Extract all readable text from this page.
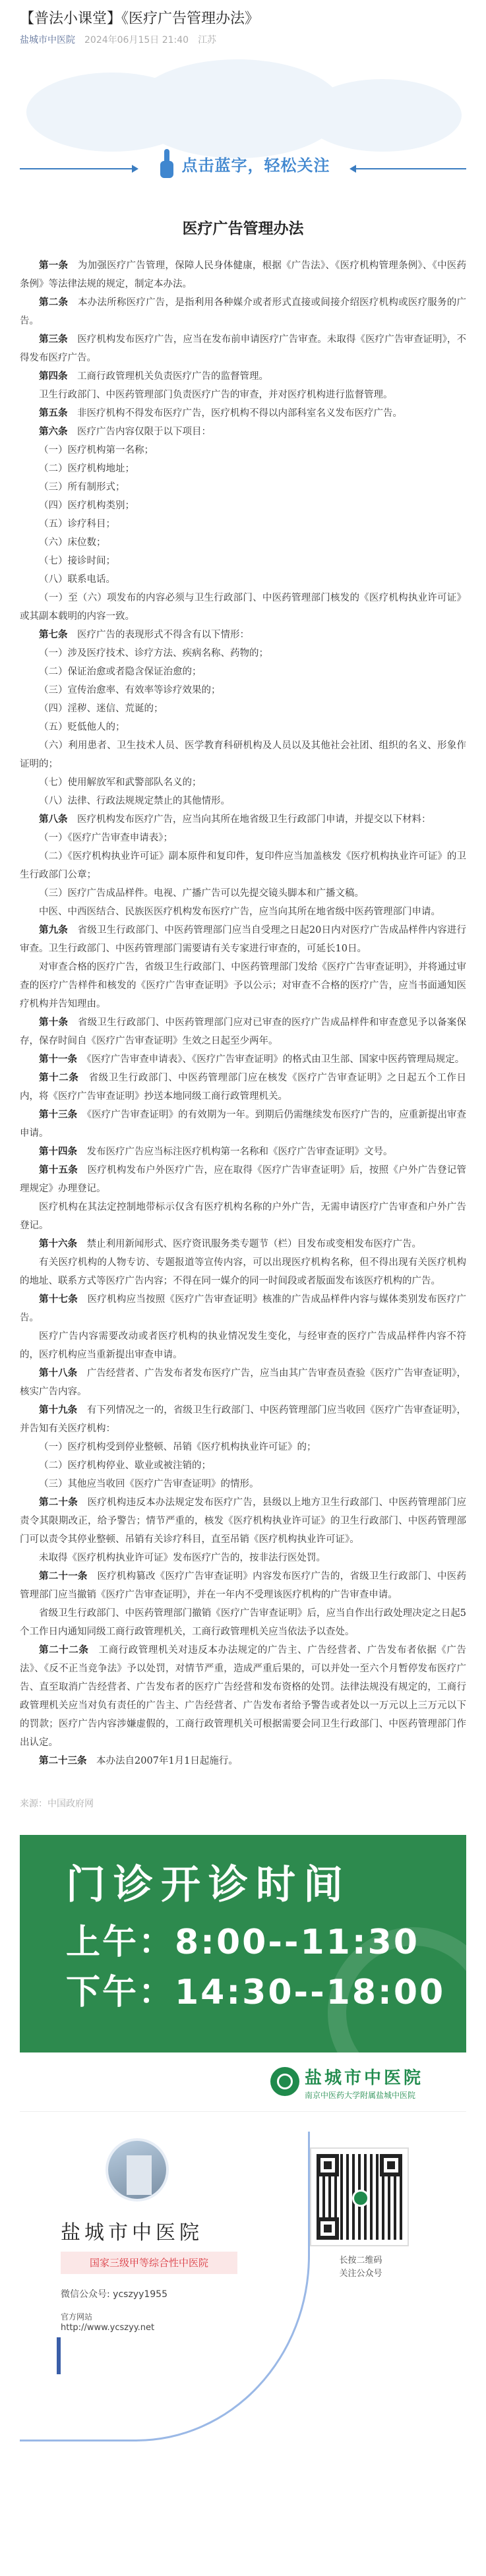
【普法小课堂】《医疗广告管理办法》
盐城市中医院 2024年06月15日 21:40 江苏
点击蓝字，轻松关注
医疗广告管理办法

第一条　 为加强医疗广告管理，保障人民身体健康，根据《广告法》、《医疗机构管理条例》、《中医药条例》等法律法规的规定，制定本办法。

第二条　 本办法所称医疗广告，是指利用各种媒介或者形式直接或间接介绍医疗机构或医疗服务的广告。

第三条　 医疗机构发布医疗广告，应当在发布前申请医疗广告审查。未取得《医疗广告审查证明》，不得发布医疗广告。

第四条　 工商行政管理机关负责医疗广告的监督管理。

卫生行政部门、中医药管理部门负责医疗广告的审查，并对医疗机构进行监督管理。

第五条　 非医疗机构不得发布医疗广告，医疗机构不得以内部科室名义发布医疗广告。

第六条　 医疗广告内容仅限于以下项目：

（一）医疗机构第一名称；

（二）医疗机构地址；

（三）所有制形式；

（四）医疗机构类别；

（五）诊疗科目；

（六）床位数；

（七）接诊时间；

（八）联系电话。

（一）至（六）项发布的内容必须与卫生行政部门、中医药管理部门核发的《医疗机构执业许可证》或其副本载明的内容一致。

第七条　 医疗广告的表现形式不得含有以下情形：

（一）涉及医疗技术、诊疗方法、疾病名称、药物的；

（二）保证治愈或者隐含保证治愈的；

（三）宣传治愈率、有效率等诊疗效果的；

（四）淫秽、迷信、荒诞的；

（五）贬低他人的；

（六）利用患者、卫生技术人员、医学教育科研机构及人员以及其他社会社团、组织的名义、形象作证明的；

（七）使用解放军和武警部队名义的；

（八）法律、行政法规规定禁止的其他情形。

第八条　 医疗机构发布医疗广告，应当向其所在地省级卫生行政部门申请，并提交以下材料：

（一）《医疗广告审查申请表》；

（二）《医疗机构执业许可证》副本原件和复印件，复印件应当加盖核发《医疗机构执业许可证》的卫生行政部门公章；

（三）医疗广告成品样件。电视、广播广告可以先提交镜头脚本和广播文稿。

中医、中西医结合、民族医医疗机构发布医疗广告，应当向其所在地省级中医药管理部门申请。

第九条　 省级卫生行政部门、中医药管理部门应当自受理之日起20日内对医疗广告成品样件内容进行审查。卫生行政部门、中医药管理部门需要请有关专家进行审查的，可延长10日。

对审查合格的医疗广告，省级卫生行政部门、中医药管理部门发给《医疗广告审查证明》，并将通过审查的医疗广告样件和核发的《医疗广告审查证明》予以公示；对审查不合格的医疗广告，应当书面通知医疗机构并告知理由。

第十条　 省级卫生行政部门、中医药管理部门应对已审查的医疗广告成品样件和审查意见予以备案保存，保存时间自《医疗广告审查证明》生效之日起至少两年。

第十一条　 《医疗广告审查申请表》、《医疗广告审查证明》的格式由卫生部、国家中医药管理局规定。

第十二条　 省级卫生行政部门、中医药管理部门应在核发《医疗广告审查证明》之日起五个工作日内，将《医疗广告审查证明》抄送本地同级工商行政管理机关。

第十三条　 《医疗广告审查证明》的有效期为一年。到期后仍需继续发布医疗广告的，应重新提出审查申请。

第十四条　 发布医疗广告应当标注医疗机构第一名称和《医疗广告审查证明》文号。

第十五条　 医疗机构发布户外医疗广告，应在取得《医疗广告审查证明》后，按照《户外广告登记管理规定》办理登记。

医疗机构在其法定控制地带标示仅含有医疗机构名称的户外广告，无需申请医疗广告审查和户外广告登记。

第十六条　 禁止利用新闻形式、医疗资讯服务类专题节（栏）目发布或变相发布医疗广告。

有关医疗机构的人物专访、专题报道等宣传内容，可以出现医疗机构名称，但不得出现有关医疗机构的地址、联系方式等医疗广告内容；不得在同一媒介的同一时间段或者版面发布该医疗机构的广告。

第十七条　 医疗机构应当按照《医疗广告审查证明》核准的广告成品样件内容与媒体类别发布医疗广告。

医疗广告内容需要改动或者医疗机构的执业情况发生变化，与经审查的医疗广告成品样件内容不符的，医疗机构应当重新提出审查申请。

第十八条　 广告经营者、广告发布者发布医疗广告，应当由其广告审查员查验《医疗广告审查证明》，核实广告内容。

第十九条　 有下列情况之一的，省级卫生行政部门、中医药管理部门应当收回《医疗广告审查证明》，并告知有关医疗机构：

（一）医疗机构受到停业整顿、吊销《医疗机构执业许可证》的；

（二）医疗机构停业、歇业或被注销的；

（三）其他应当收回《医疗广告审查证明》的情形。

第二十条　 医疗机构违反本办法规定发布医疗广告，县级以上地方卫生行政部门、中医药管理部门应责令其限期改正，给予警告；情节严重的，核发《医疗机构执业许可证》的卫生行政部门、中医药管理部门可以责令其停业整顿、吊销有关诊疗科目，直至吊销《医疗机构执业许可证》。

未取得《医疗机构执业许可证》发布医疗广告的，按非法行医处罚。

第二十一条　 医疗机构篡改《医疗广告审查证明》内容发布医疗广告的，省级卫生行政部门、中医药管理部门应当撤销《医疗广告审查证明》，并在一年内不受理该医疗机构的广告审查申请。

省级卫生行政部门、中医药管理部门撤销《医疗广告审查证明》后，应当自作出行政处理决定之日起5个工作日内通知同级工商行政管理机关，工商行政管理机关应当依法予以查处。

第二十二条　 工商行政管理机关对违反本办法规定的广告主、广告经营者、广告发布者依据《广告法》、《反不正当竞争法》予以处罚，对情节严重，造成严重后果的，可以并处一至六个月暂停发布医疗广告、直至取消广告经营者、广告发布者的医疗广告经营和发布资格的处罚。法律法规没有规定的，工商行政管理机关应当对负有责任的广告主、广告经营者、广告发布者给予警告或者处以一万元以上三万元以下的罚款；医疗广告内容涉嫌虚假的，工商行政管理机关可根据需要会同卫生行政部门、中医药管理部门作出认定。

第二十三条　 本办法自2007年1月1日起施行。

来源：中国政府网
门诊开诊时间
上午：8:00--11:30
下午：14:30--18:00
盐城市中医院
南京中医药大学附属盐城中医院
盐城市中医院
国家三级甲等综合性中医院
微信公众号: ycszyy1955
官方网站
http://www.ycszyy.net
长按二维码
关注公众号
